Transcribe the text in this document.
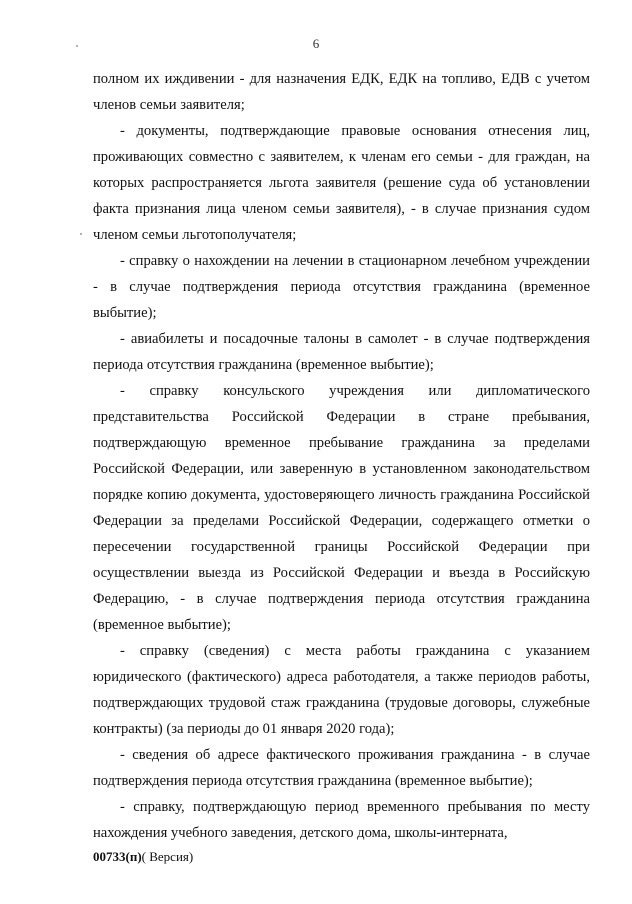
6

полном их иждивении - для назначения ЕДК, ЕДК на топливо, ЕДВ с учетом членов семьи заявителя;

- документы, подтверждающие правовые основания отнесения лиц, проживающих совместно с заявителем, к членам его семьи - для граждан, на которых распространяется льгота заявителя (решение суда об установлении факта признания лица членом семьи заявителя), - в случае признания судом членом семьи льготополучателя;

- справку о нахождении на лечении в стационарном лечебном учреждении - в случае подтверждения периода отсутствия гражданина (временное выбытие);

- авиабилеты и посадочные талоны в самолет - в случае подтверждения периода отсутствия гражданина (временное выбытие);

- справку консульского учреждения или дипломатического представительства Российской Федерации в стране пребывания, подтверждающую временное пребывание гражданина за пределами Российской Федерации, или заверенную в установленном законодательством порядке копию документа, удостоверяющего личность гражданина Российской Федерации за пределами Российской Федерации, содержащего отметки о пересечении государственной границы Российской Федерации при осуществлении выезда из Российской Федерации и въезда в Российскую Федерацию, - в случае подтверждения периода отсутствия гражданина (временное выбытие);

- справку (сведения) с места работы гражданина с указанием юридического (фактического) адреса работодателя, а также периодов работы, подтверждающих трудовой стаж гражданина (трудовые договоры, служебные контракты) (за периоды до 01 января 2020 года);

- сведения об адресе фактического проживания гражданина - в случае подтверждения периода отсутствия гражданина (временное выбытие);

- справку, подтверждающую период временного пребывания по месту нахождения учебного заведения, детского дома, школы-интерната,

00733(п)( Версия)
